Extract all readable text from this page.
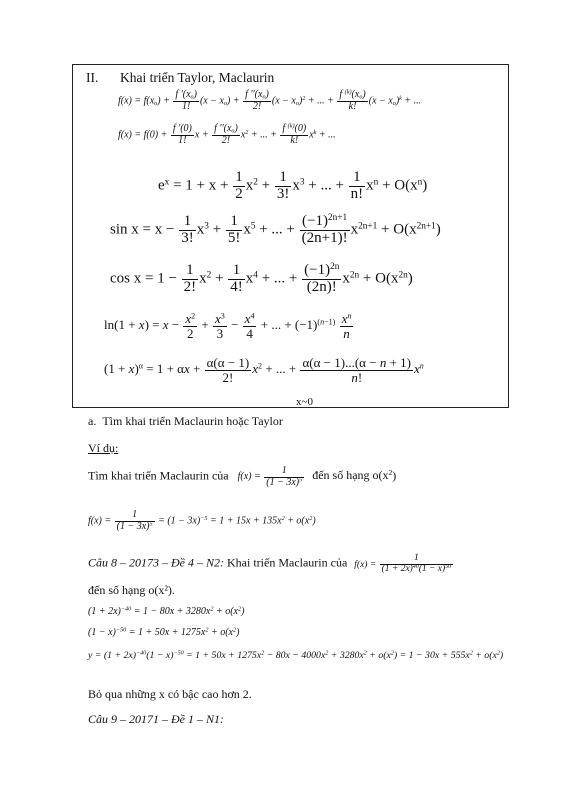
II. Khai triển Taylor, Maclaurin
$f(x) = f(x_o) + \frac{f '(x_o)}{1!} (x - x_o) + \frac{f ''(x_o)}{2!} (x - x_o)^2$ + ... + $\frac{f ^{(k)}(x_o)}{k!} (x - x_o)^k$ + ...
$f(x) = f(0) + \frac{f '(0)}{1!}$ $x + \frac{f ''(x_o)}{2!} x^2$ + ... + $\frac{f ^{(k)}(0)}{k!} x^k$ + ...
$e^x = 1 + x + \frac{1}{2} x^2 + \frac{1}{3!} x^3$ + ... + $\frac{1}{n!} x^n + O(x^n)$
$\sin x = x - \frac{1}{3!} x^3 + \frac{1}{5!} x^5$ + ... + $\frac{(-1)^{2n+1}}{(2n+1)!} x^{2n+1} + O(x^{2n+1})$
$\cos x = 1 - \frac{1}{2!} x^2 + \frac{1}{4!} x^4$ + ... + $\frac{(-1)^{2n}}{(2n)!} x^{2n} + O(x^{2n})$
$\ln(1 + x) = x - \frac{x^2}{2} + \frac{x^3}{3} - \frac{x^4}{4}$ + ... + $(-1)^{(n-1)} \frac{x^n}{n}$
$(1 + x)^\alpha = 1 + \alpha x + \frac{\alpha(\alpha - 1)}{2!} x^2$ + ... + $\frac{\alpha(\alpha - 1)...(\alpha - n + 1)}{n!} x^n$
x~0
a.  Tìm khai triển Maclaurin hoặc Taylor
Ví dụ:
Tìm khai triển Maclaurin của $f(x) = \frac{1}{(1 - 3x)^5}$ đến số hạng $o(x^2)$
$f(x) = \frac{1}{(1 - 3x)^5} = (1 - 3x)^{-5} = 1 + 15x + 135x^2 + o(x^2)$
Câu 8 – 20173 – Đề 4 – N2: Khai triển Maclaurin của $f(x) = \frac{1}{(1 + 2x)^{40}(1 - x)^{50}}$
đến số hạng o(x²).
$(1 + 2x)^{-40} = 1 - 80x + 3280x^2 + o(x^2)$
$(1 - x)^{-50} = 1 + 50x + 1275x^2 + o(x^2)$
$y = (1 + 2x)^{-40}(1 - x)^{-50} = 1 + 50x + 1275x^2 - 80x - 4000x^2 + 3280x^2 + o(x^2) = 1 - 30x + 555x^2 + o(x^2)$
Bỏ qua những x có bậc cao hơn 2.
Câu 9 – 20171 – Đề 1 – N1:
